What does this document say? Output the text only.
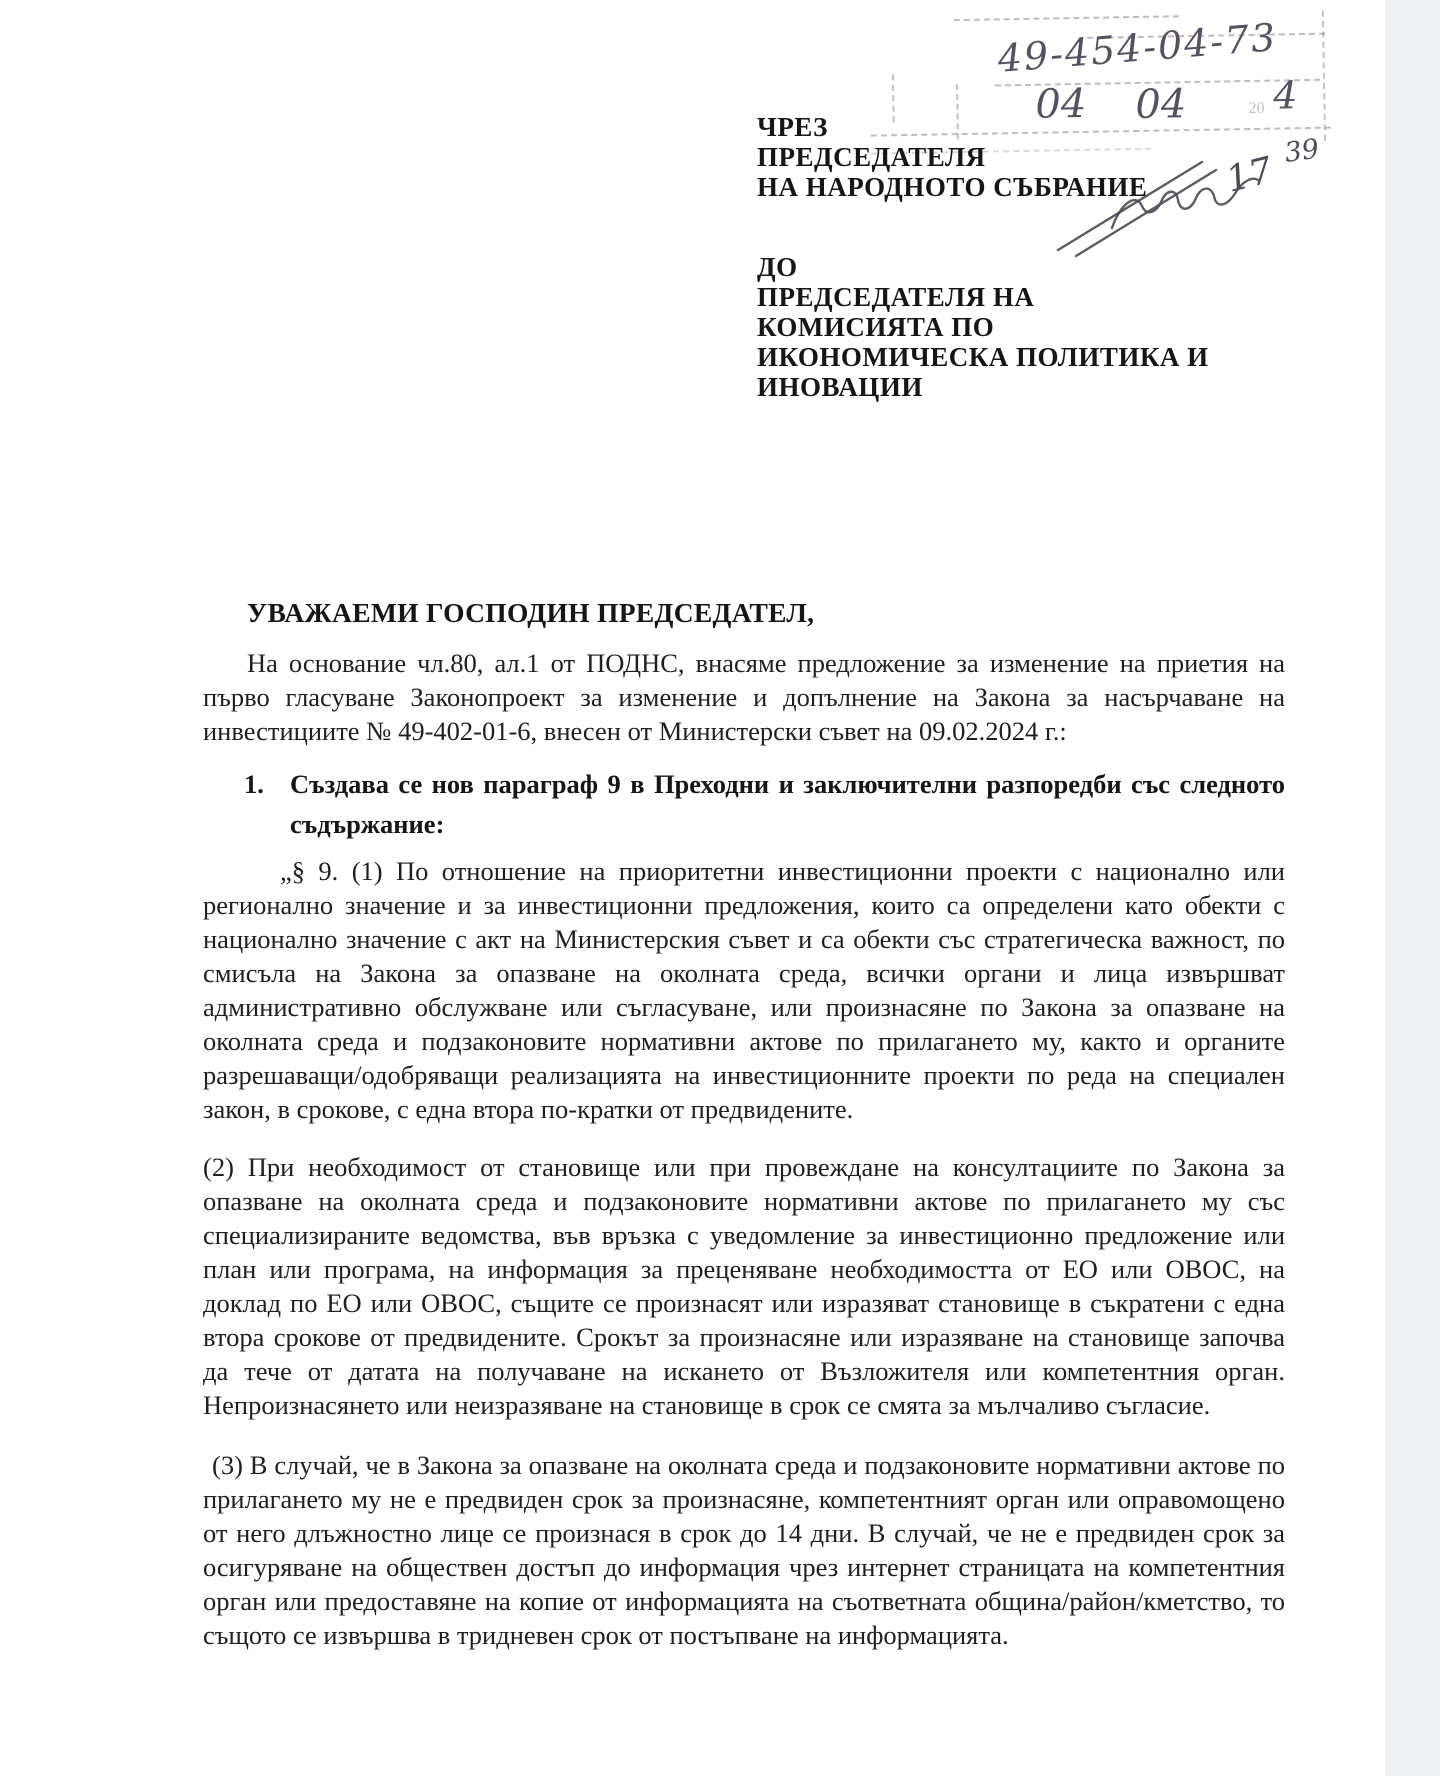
49-454-04-73
04 04	20 4
17 39
ЧРЕЗ
ПРЕДСЕДАТЕЛЯ
НА НАРОДНОТО СЪБРАНИЕ
ДО
ПРЕДСЕДАТЕЛЯ НА
КОМИСИЯТА ПО
ИКОНОМИЧЕСКА ПОЛИТИКА И
ИНОВАЦИИ
УВАЖАЕМИ ГОСПОДИН ПРЕДСЕДАТЕЛ,

На основание чл.80, ал.1 от ПОДНС, внасяме предложение за изменение на приетия на първо гласуване Законопроект за изменение и допълнение на Закона за насърчаване на инвестициите № 49-402-01-6, внесен от Министерски съвет на 09.02.2024 г.:

1. Създава се нов параграф 9 в Преходни и заключителни разпоредби със следното съдържание:

„§ 9. (1) По отношение на приоритетни инвестиционни проекти с национално или регионално значение и за инвестиционни предложения, които са определени като обекти с национално значение с акт на Министерския съвет и са обекти със стратегическа важност, по смисъла на Закона за опазване на околната среда, всички органи и лица извършват административно обслужване или съгласуване, или произнасяне по Закона за опазване на околната среда и подзаконовите нормативни актове по прилагането му, както и органите разрешаващи/одобряващи реализацията на инвестиционните проекти по реда на специален закон, в срокове, с една втора по-кратки от предвидените.

(2) При необходимост от становище или при провеждане на консултациите по Закона за опазване на околната среда и подзаконовите нормативни актове по прилагането му със специализираните ведомства, във връзка с уведомление за инвестиционно предложение или план или програма, на информация за преценяване необходимостта от ЕО или ОВОС, на доклад по ЕО или ОВОС, същите се произнасят или изразяват становище в съкратени с една втора срокове от предвидените. Срокът за произнасяне или изразяване на становище започва да тече от датата на получаване на искането от Възложителя или компетентния орган. Непроизнасянето или неизразяване на становище в срок се смята за мълчаливо съгласие.

(3) В случай, че в Закона за опазване на околната среда и подзаконовите нормативни актове по прилагането му не е предвиден срок за произнасяне, компетентният орган или оправомощено от него длъжностно лице се произнася в срок до 14 дни. В случай, че не е предвиден срок за осигуряване на обществен достъп до информация чрез интернет страницата на компетентния орган или предоставяне на копие от информацията на съответната община/район/кметство, то същото се извършва в тридневен срок от постъпване на информацията.
